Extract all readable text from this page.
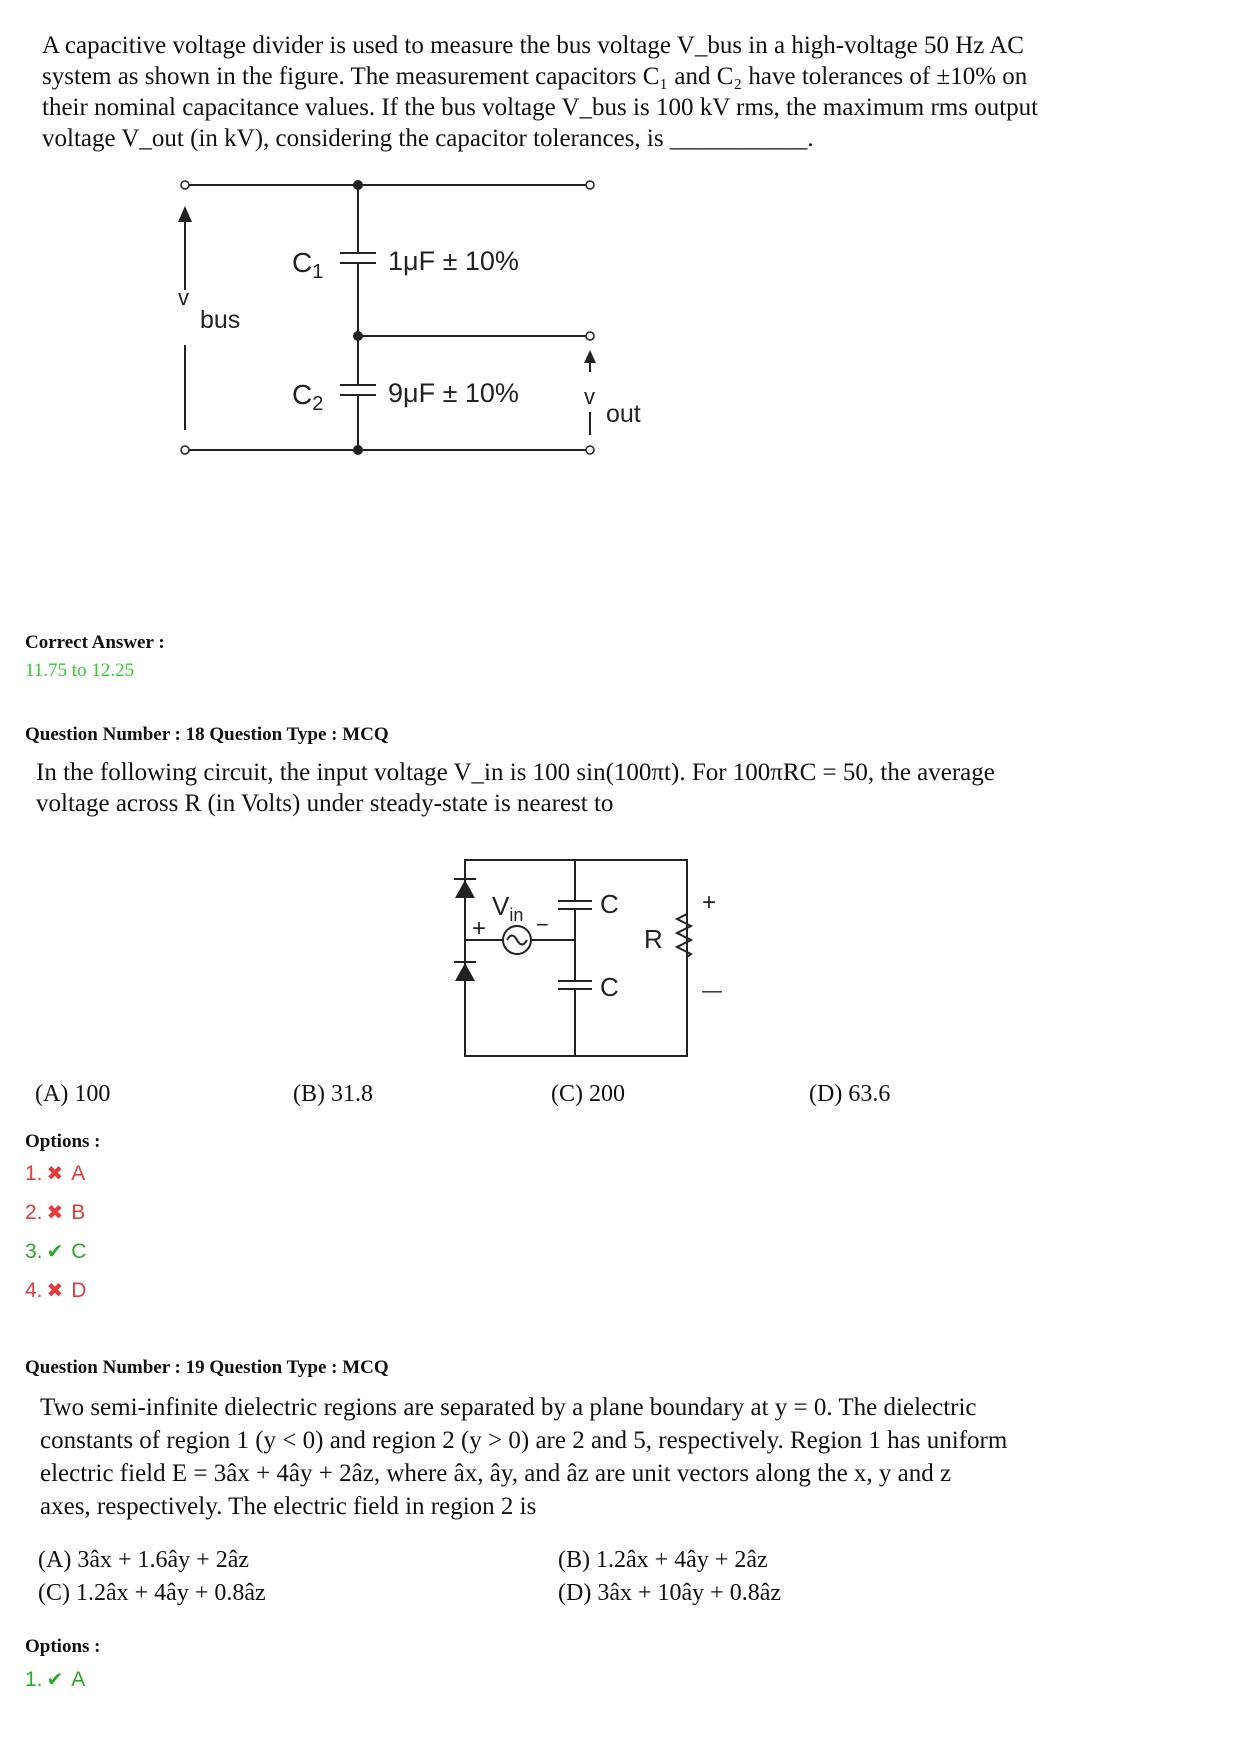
A capacitive voltage divider is used to measure the bus voltage V_bus in a high-voltage 50 Hz AC

system as shown in the figure. The measurement capacitors C₁ and C₂ have tolerances of ±10% on

their nominal capacitance values. If the bus voltage V_bus is 100 kV rms, the maximum rms output

voltage V_out (in kV), considering the capacitor tolerances, is ___________.

$C_1$ 1μF ± 10%
$C_2$ 9μF ± 10%
v
bus
v
out
Correct Answer :
11.75 to 12.25
Question Number : 18 Question Type : MCQ

In the following circuit, the input voltage V_in is 100 sin(100πt). For 100πRC = 50, the average

voltage across R (in Volts) under steady-state is nearest to

$V_{in}$
+ −
C
C
R
+
—
(A) 100	(B) 31.8	(C) 200	(D) 63.6
Options :
1. ✖ A
2. ✖ B
3. ✔ C
4. ✖ D
Question Number : 19 Question Type : MCQ

Two semi-infinite dielectric regions are separated by a plane boundary at y = 0. The dielectric

constants of region 1 (y < 0) and region 2 (y > 0) are 2 and 5, respectively. Region 1 has uniform

electric field E = 3âx + 4ây + 2âz, where âx, ây, and âz are unit vectors along the x, y and z

axes, respectively. The electric field in region 2 is

(A) 3âx + 1.6ây + 2âz	(B) 1.2âx + 4ây + 2âz
(C) 1.2âx + 4ây + 0.8âz	(D) 3âx + 10ây + 0.8âz
Options :
1. ✔ A
